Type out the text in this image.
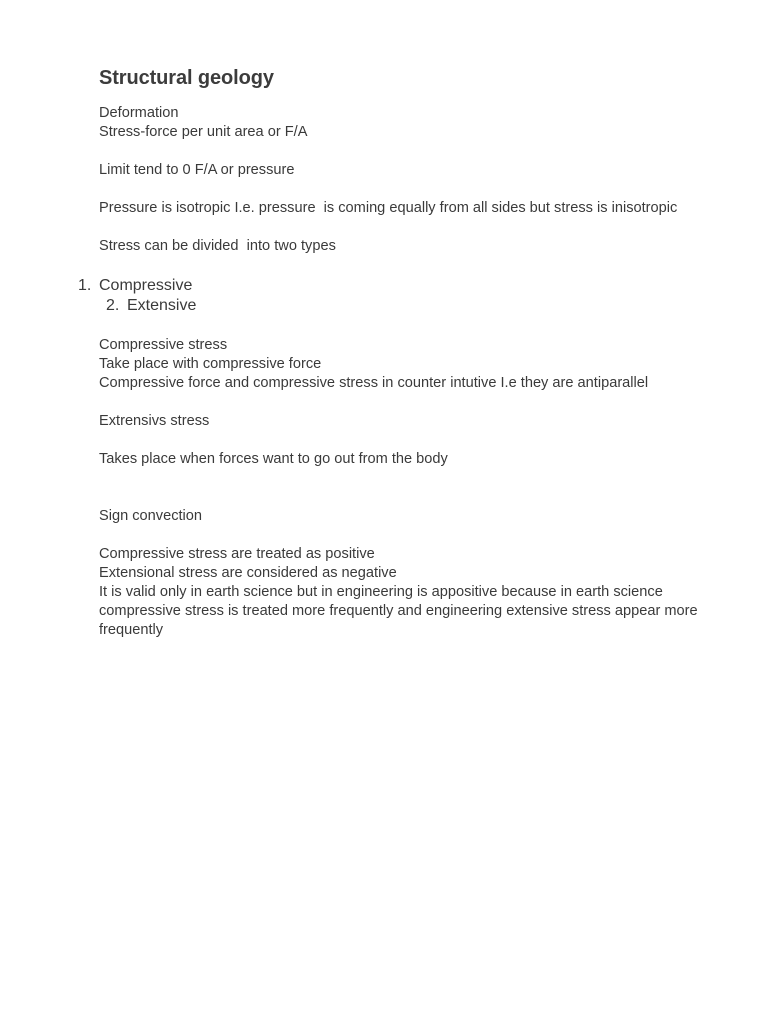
Structural geology

Deformation

Stress-force per unit area or F/A

Limit tend to 0 F/A or pressure

Pressure is isotropic I.e. pressure  is coming equally from all sides but stress is inisotropic

Stress can be divided  into two types

1. Compressive
2. Extensive

Compressive stress

Take place with compressive force

Compressive force and compressive stress in counter intutive I.e they are antiparallel

Extrensivs stress

Takes place when forces want to go out from the body

Sign convection

Compressive stress are treated as positive

Extensional stress are considered as negative

It is valid only in earth science but in engineering is appositive because in earth science compressive stress is treated more frequently and engineering extensive stress appear more frequently
